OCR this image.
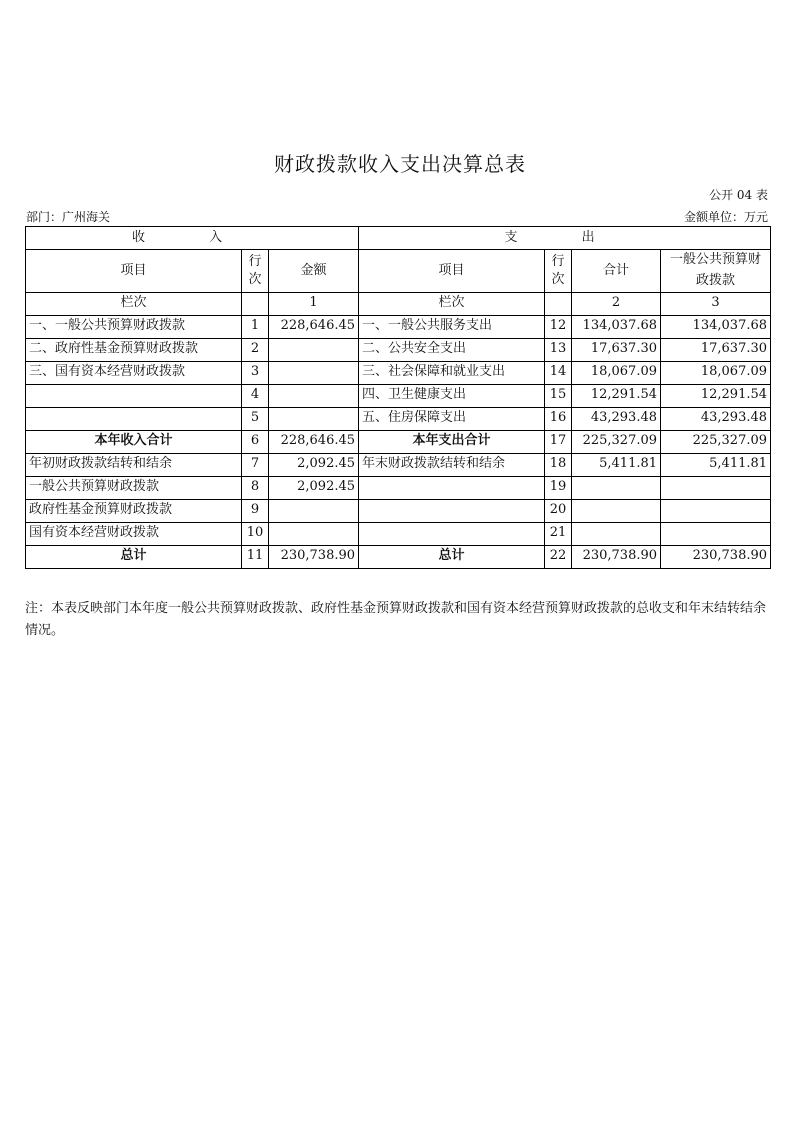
财政拨款收入支出决算总表
公开 04 表
部门：广州海关	金额单位：万元
收 入			支 出			
项目	行次	金额	项目	行次	合计	一般公共预算财政拨款
栏次		1	栏次		2	3
一、一般公共预算财政拨款	1	228,646.45	一、一般公共服务支出	12	134,037.68	134,037.68
二、政府性基金预算财政拨款	2		二、公共安全支出	13	17,637.30	17,637.30
三、国有资本经营财政拨款	3		三、社会保障和就业支出	14	18,067.09	18,067.09
	4		四、卫生健康支出	15	12,291.54	12,291.54
	5		五、住房保障支出	16	43,293.48	43,293.48
本年收入合计	6	228,646.45	本年支出合计	17	225,327.09	225,327.09
年初财政拨款结转和结余	7	2,092.45	年末财政拨款结转和结余	18	5,411.81	5,411.81
一般公共预算财政拨款	8	2,092.45		19		
政府性基金预算财政拨款	9			20		
国有资本经营财政拨款	10			21		
总计	11	230,738.90	总计	22	230,738.90	230,738.90
注：本表反映部门本年度一般公共预算财政拨款、政府性基金预算财政拨款和国有资本经营预算财政拨款的总收支和年末结转结余情况。
